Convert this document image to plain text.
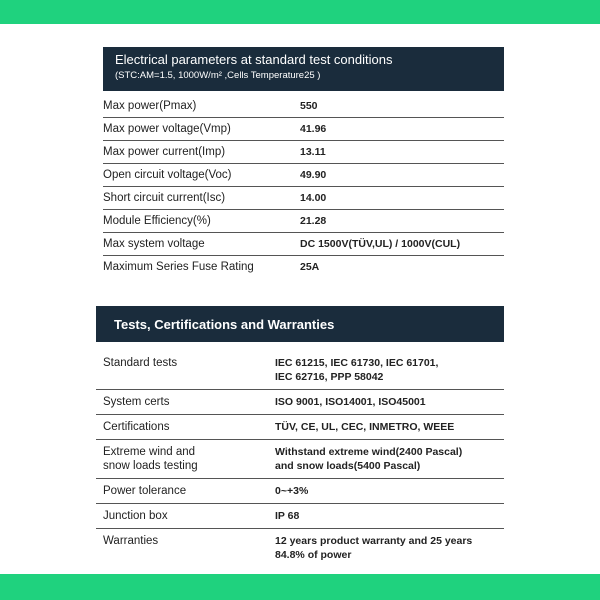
Electrical parameters at standard test conditions
(STC:AM=1.5, 1000W/m² ,Cells Temperature25 )
Max power(Pmax)	550
Max power voltage(Vmp)	41.96
Max power current(Imp)	13.11
Open circuit voltage(Voc)	49.90
Short circuit current(Isc)	14.00
Module Efficiency(%)	21.28
Max system voltage	DC 1500V(TÜV,UL) / 1000V(CUL)
Maximum Series Fuse Rating	25A
Tests, Certifications and Warranties
Standard tests	IEC 61215, IEC 61730, IEC 61701,
IEC 62716, PPP 58042
System certs	ISO 9001, ISO14001, ISO45001
Certifications	TÜV, CE, UL, CEC, INMETRO, WEEE
Extreme wind and
snow loads testing	Withstand extreme wind(2400 Pascal)
and snow loads(5400 Pascal)
Power tolerance	0~+3%
Junction box	IP 68
Warranties	12 years product warranty and 25 years
84.8% of power
